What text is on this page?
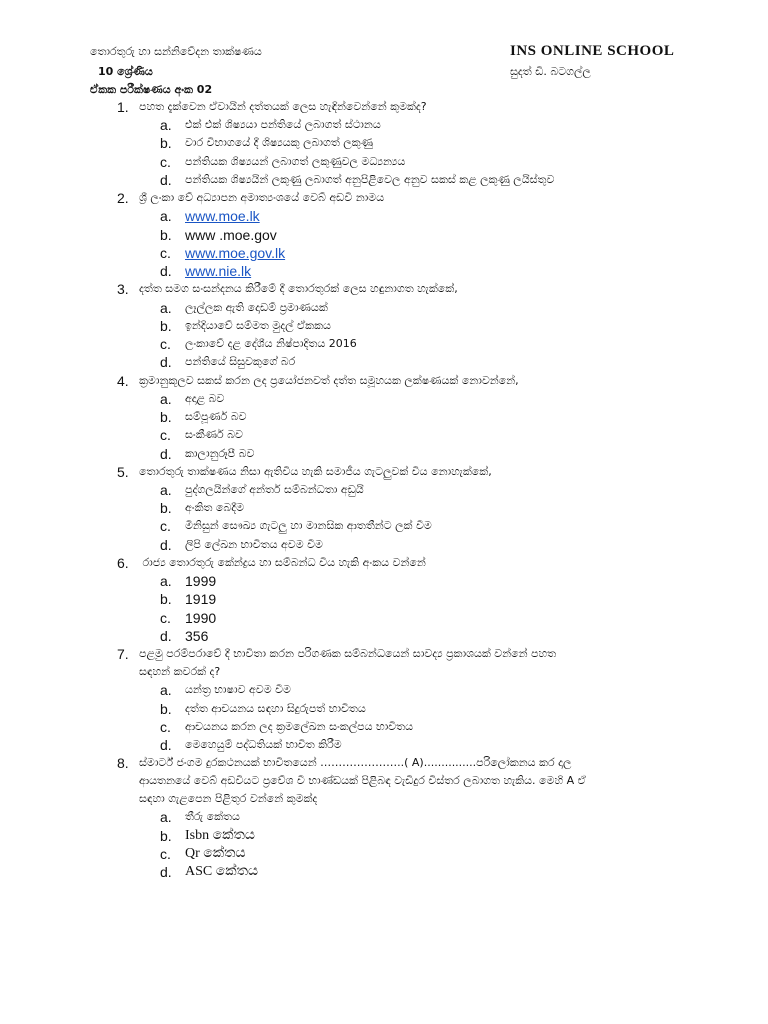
තොරතුරු හා සන්නිවේදන තාක්ෂණය	INS ONLINE SCHOOL
10 ශ්‍රේණිය	සුදත් ඩී. බටගල්ල
ඒකක පරීක්ෂණය අංක 02
1. පහත දැක්වෙන ඒවායින් දත්තයක් ලෙස හැඳින්වෙන්නේ කුමක්ද?
a.	එක් එක් ශිෂ්‍යයා පන්තියේ ලබාගත් ස්ථානය
b.	වාර විභාගයේ දී ශිෂ්‍යයකු ලබාගත් ලකුණු
c.	පන්තියක ශිෂ්‍යයන් ලබාගත් ලකුණුවල මධ්‍යන්‍යය
d.	පන්තියක ශිෂ්‍යයින් ලකුණු ලබාගත් අනුපිළිවෙල අනුව සකස් කළ ලකුණු ලයිස්තුව
2. ශ්‍රී ලංකා වේ අධ්‍යාපන අමාත්‍යංශයේ වෙබ් අඩවි නාමය
a. www.moe.lk
b. www .moe.gov
c.	www.moe.gov.lk
d. www.nie.lk
3. දත්ත සමග සංසන්දනය කිරීමේ දී තොරතුරක් ලෙස හඳුනාගත හැක්කේ,
a.	ලෑල්ලක ඇති දොඩම් ප්‍රමාණයක්
b.	ඉන්දියාවේ සම්මත මුදල් ඒකකය
c.	ලංකාවේ දළ දේශීය නිෂ්පාදිතය 2016
d.	පන්තියේ සිසුවකුගේ බර
4. ක්‍රමානුකූලව සකස් කරන ලද ප්‍රයෝජනවත් දත්ත සමූහයක ලක්ෂණයක් නොවන්නේ,
a.	අදාළ බව
b.	සම්පූර්ණ බව
c.	සංකීර්ණ බව
d.	කාලානුරූපී බව
5. තොරතුරු තාක්ෂණය නිසා ඇතිවිය හැකි සමාජීය ගැටලුවක් විය නොහැක්කේ,
a.	පුද්ගලයින්ගේ අන්තර් සම්බන්ධතා අඩුයි
b.	අංකිත බෙදීම
c.	මිනිසුන් සෞඛ්‍ය ගැටලු හා මානසික ආතතීන්ට ලක් වීම
d.	ලිපි ලේඛන භාවිතය අවම වීම
6. රාජ්‍ය තොරතුරු කේන්ද්‍රය හා සම්බන්ධ විය හැකි අංකය වන්නේ
a. 1999
b. 1919
c.	1990
d. 356
7. පළමු පරම්පරාවේ දී භාවිතා කරන පරිගණක සම්බන්ධයෙන් සාවද්‍ය ප්‍රකාශයක් වන්නේ පහත
සඳහන් කවරක් ද?
a.	යන්ත්‍ර භාෂාව අවම වීම
b.	දත්ත ආචයනය සඳහා සිදුරුපත් භාවිතය
c.	ආචයනය කරන ලද ක්‍රමලේඛන සංකල්පය භාවිතය
d.	මෙහෙයුම් පද්ධතියක් භාවිත කිරීම
8. ස්මාර්ට් ජංගම දුරකථනයක් භාවිතයෙන් …………………..( A)...............පරිලෝකනය කර දාල
ආයතනයේ වෙබ් අඩවියට ප්‍රවේශ වී භාණ්ඩයක් පිළිබඳ වැඩිදුර විස්තර ලබාගත හැකිය. මෙහි A ඒ
සඳහා ගැළපෙන පිළිතුර වන්නේ කුමක්ද
a.	තීරු කේතය
b. Isbn කේතය
c.	Qr කේතය
d. ASC කේතය
